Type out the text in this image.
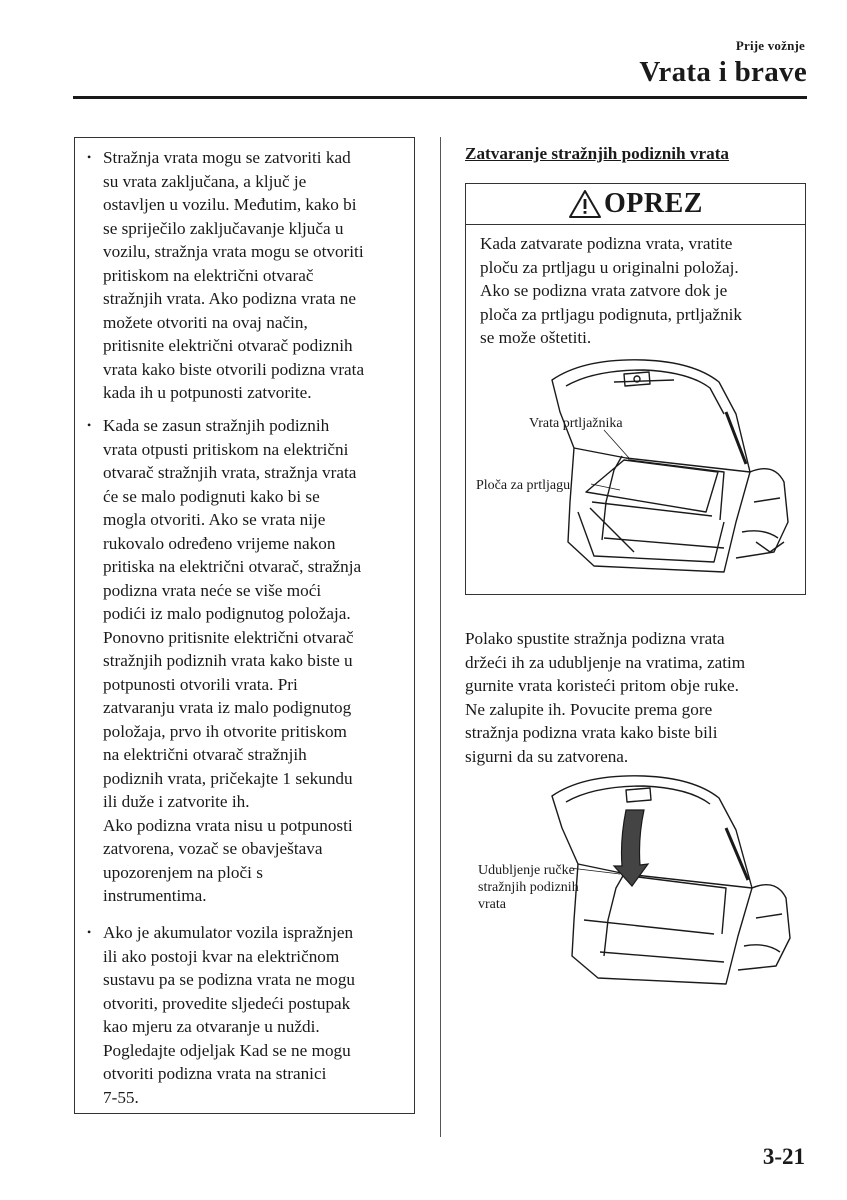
Prije vožnje
Vrata i brave
• Stražnja vrata mogu se zatvoriti kad
su vrata zaključana, a ključ je
ostavljen u vozilu. Međutim, kako bi
se spriječilo zaključavanje ključa u
vozilu, stražnja vrata mogu se otvoriti
pritiskom na električni otvarač
stražnjih vrata. Ako podizna vrata ne
možete otvoriti na ovaj način,
pritisnite električni otvarač podiznih
vrata kako biste otvorili podizna vrata
kada ih u potpunosti zatvorite.
• Kada se zasun stražnjih podiznih
vrata otpusti pritiskom na električni
otvarač stražnjih vrata, stražnja vrata
će se malo podignuti kako bi se
mogla otvoriti. Ako se vrata nije
rukovalo određeno vrijeme nakon
pritiska na električni otvarač, stražnja
podizna vrata neće se više moći
podići iz malo podignutog položaja.
Ponovno pritisnite električni otvarač
stražnjih podiznih vrata kako biste u
potpunosti otvorili vrata. Pri
zatvaranju vrata iz malo podignutog
položaja, prvo ih otvorite pritiskom
na električni otvarač stražnjih
podiznih vrata, pričekajte 1 sekundu
ili duže i zatvorite ih.
Ako podizna vrata nisu u potpunosti
zatvorena, vozač se obavještava
upozorenjem na ploči s
instrumentima.
• Ako je akumulator vozila ispražnjen
ili ako postoji kvar na električnom
sustavu pa se podizna vrata ne mogu
otvoriti, provedite sljedeći postupak
kao mjeru za otvaranje u nuždi.
Pogledajte odjeljak Kad se ne mogu
otvoriti podizna vrata na stranici
7-55.
Zatvaranje stražnjih podiznih vrata
OPREZ
Kada zatvarate podizna vrata, vratite
ploču za prtljagu u originalni položaj.
Ako se podizna vrata zatvore dok je
ploča za prtljagu podignuta, prtljažnik
se može oštetiti.
Vrata prtljažnika
Ploča za prtljagu
Polako spustite stražnja podizna vrata
držeći ih za udubljenje na vratima, zatim
gurnite vrata koristeći pritom obje ruke.
Ne zalupite ih. Povucite prema gore
stražnja podizna vrata kako biste bili
sigurni da su zatvorena.
Udubljenje ručke
stražnjih podiznih
vrata
3-21
